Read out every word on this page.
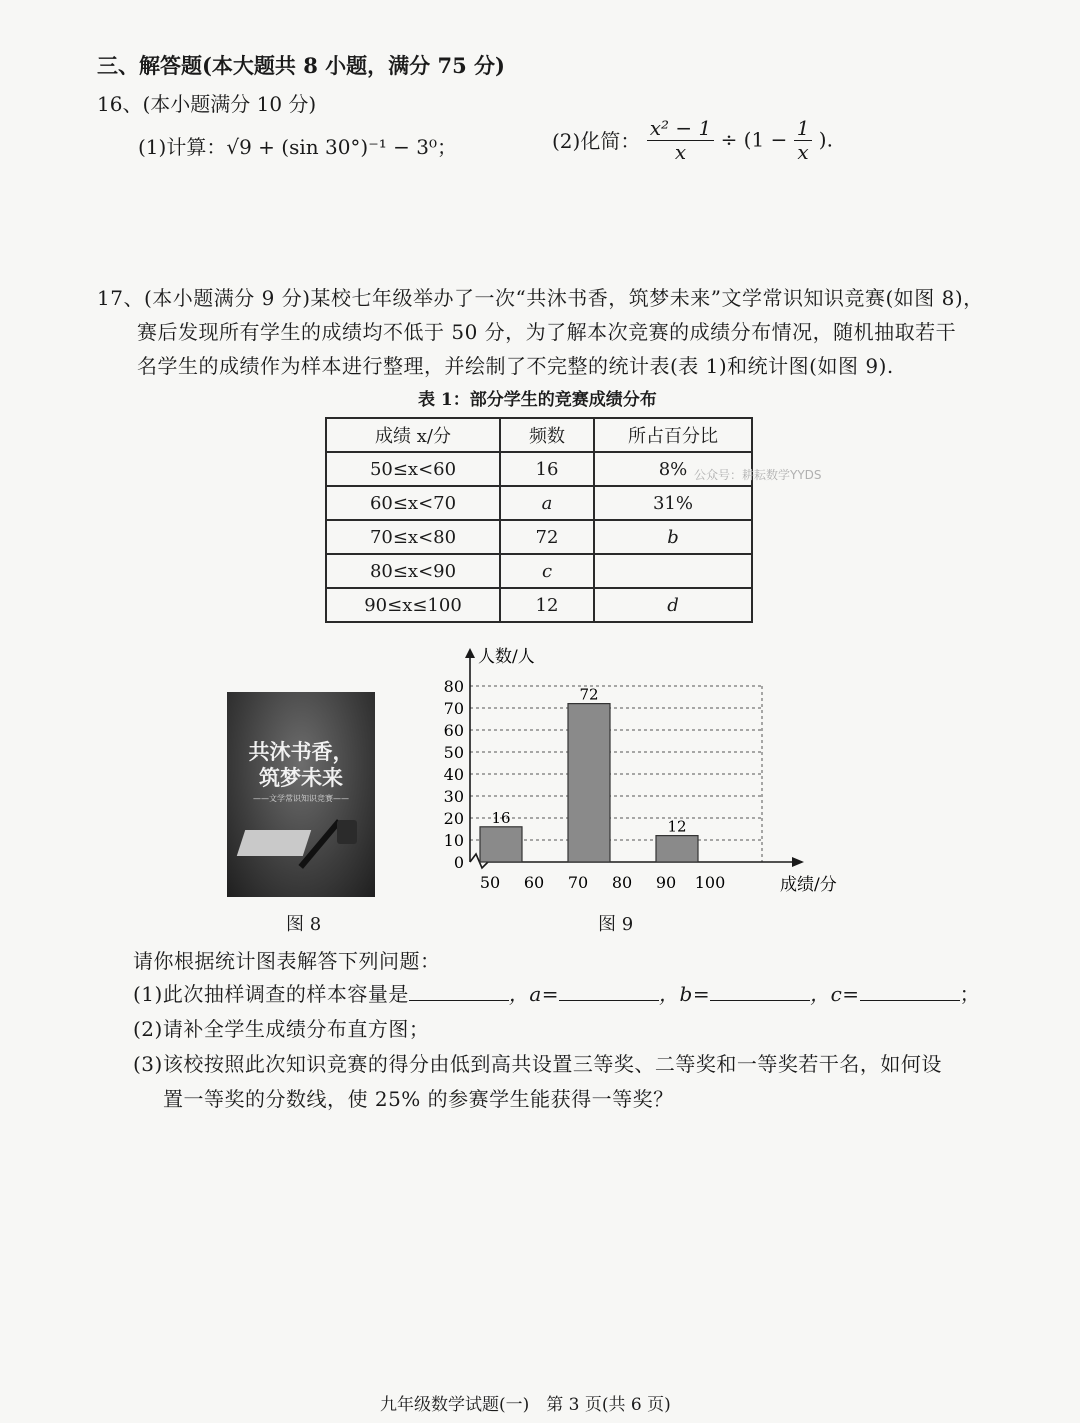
三、解答题(本大题共 8 小题，满分 75 分)
16、(本小题满分 10 分)
(1)计算：√9 + (sin 30°)⁻¹ − 3⁰；	(2)化简： $\frac{\text{x² − 1}}{x} \div (1 - \frac{1}{x}$ ).
17、(本小题满分 9 分)某校七年级举办了一次“共沐书香，筑梦未来”文学常识知识竞赛(如图 8)，
赛后发现所有学生的成绩均不低于 50 分，为了解本次竞赛的成绩分布情况，随机抽取若干
名学生的成绩作为样本进行整理，并绘制了不完整的统计表(表 1)和统计图(如图 9).
表 1：部分学生的竞赛成绩分布
成绩 x/分	频数	所占百分比
50≤x<60	16	8%
60≤x<70	a	31%
70≤x<80	72	b
80≤x<90	c	
90≤x≤100	12	d
公众号：耕耘数学YYDS
共沐书香，
筑梦未来
——文学常识知识竞赛——
图 8
0
10
20
30
40
50
60
70
80
50 60 70 80 90 100
人数/人
成绩/分
16
72
12
图 9
请你根据统计图表解答下列问题：
(1)此次抽样调查的样本容量是	，a=	，b=	，c=	；
(2)请补全学生成绩分布直方图；
(3)该校按照此次知识竞赛的得分由低到高共设置三等奖、二等奖和一等奖若干名，如何设
置一等奖的分数线，使 25% 的参赛学生能获得一等奖？
九年级数学试题(一)　第 3 页(共 6 页)
